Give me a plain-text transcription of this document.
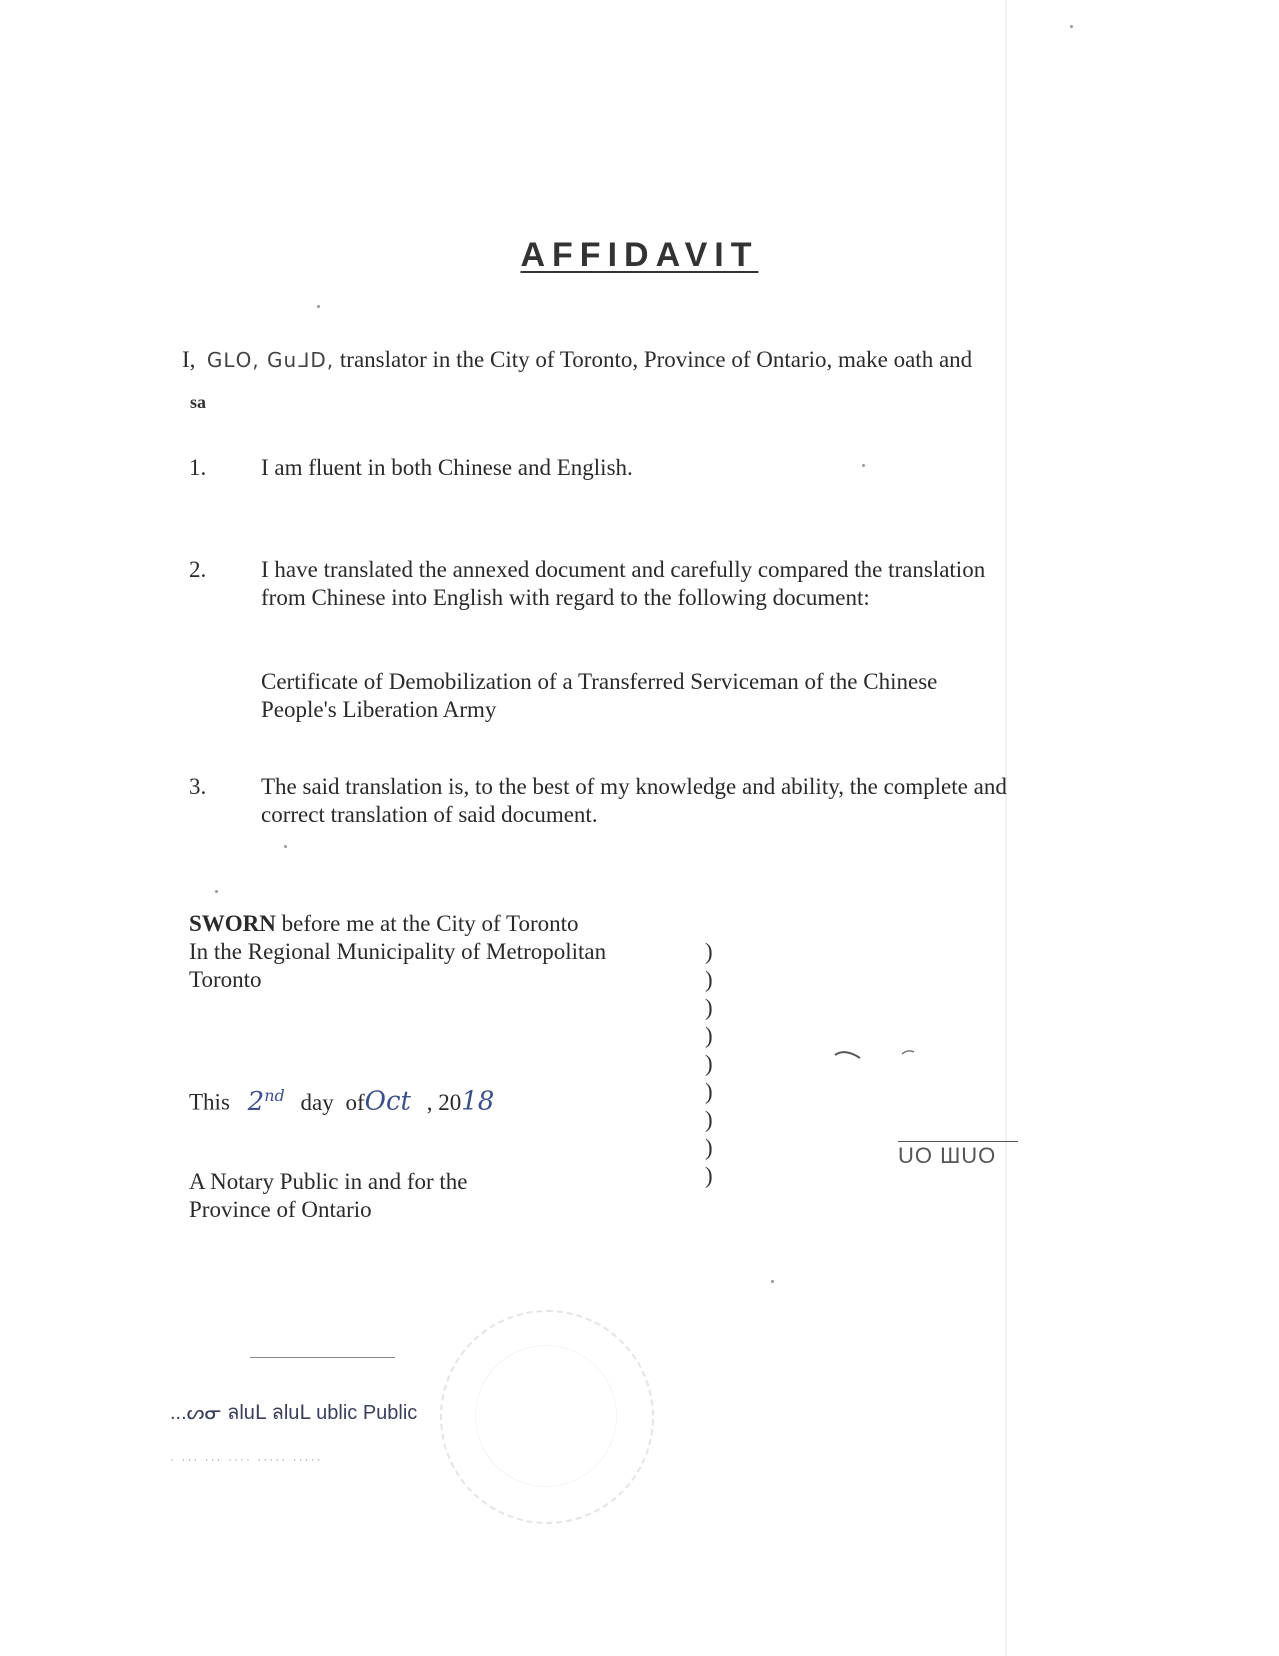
AFFIDAVIT
I, GᒪO, GuᒧD, translator in the City of Toronto, Province of Ontario, make oath and
sa
1. I am fluent in both Chinese and English.
2. I have translated the annexed document and carefully compared the translation
from Chinese into English with regard to the following document:
Certificate of Demobilization of a Transferred Serviceman of the Chinese
People's Liberation Army
3. The said translation is, to the best of my knowledge and ability, the complete and
correct translation of said document.
SWORN before me at the City of Toronto
In the Regional Municipality of Metropolitan
Toronto
This 2nd day ofOct , 2018
A Notary Public in and for the
Province of Ontario
)
)
)
)
)
)
)
)
)
UO ШUO
...ᔕᓂ ลluᒪ ลluᒪ ublic Public
· ··· ··· ···· ····· ·····
